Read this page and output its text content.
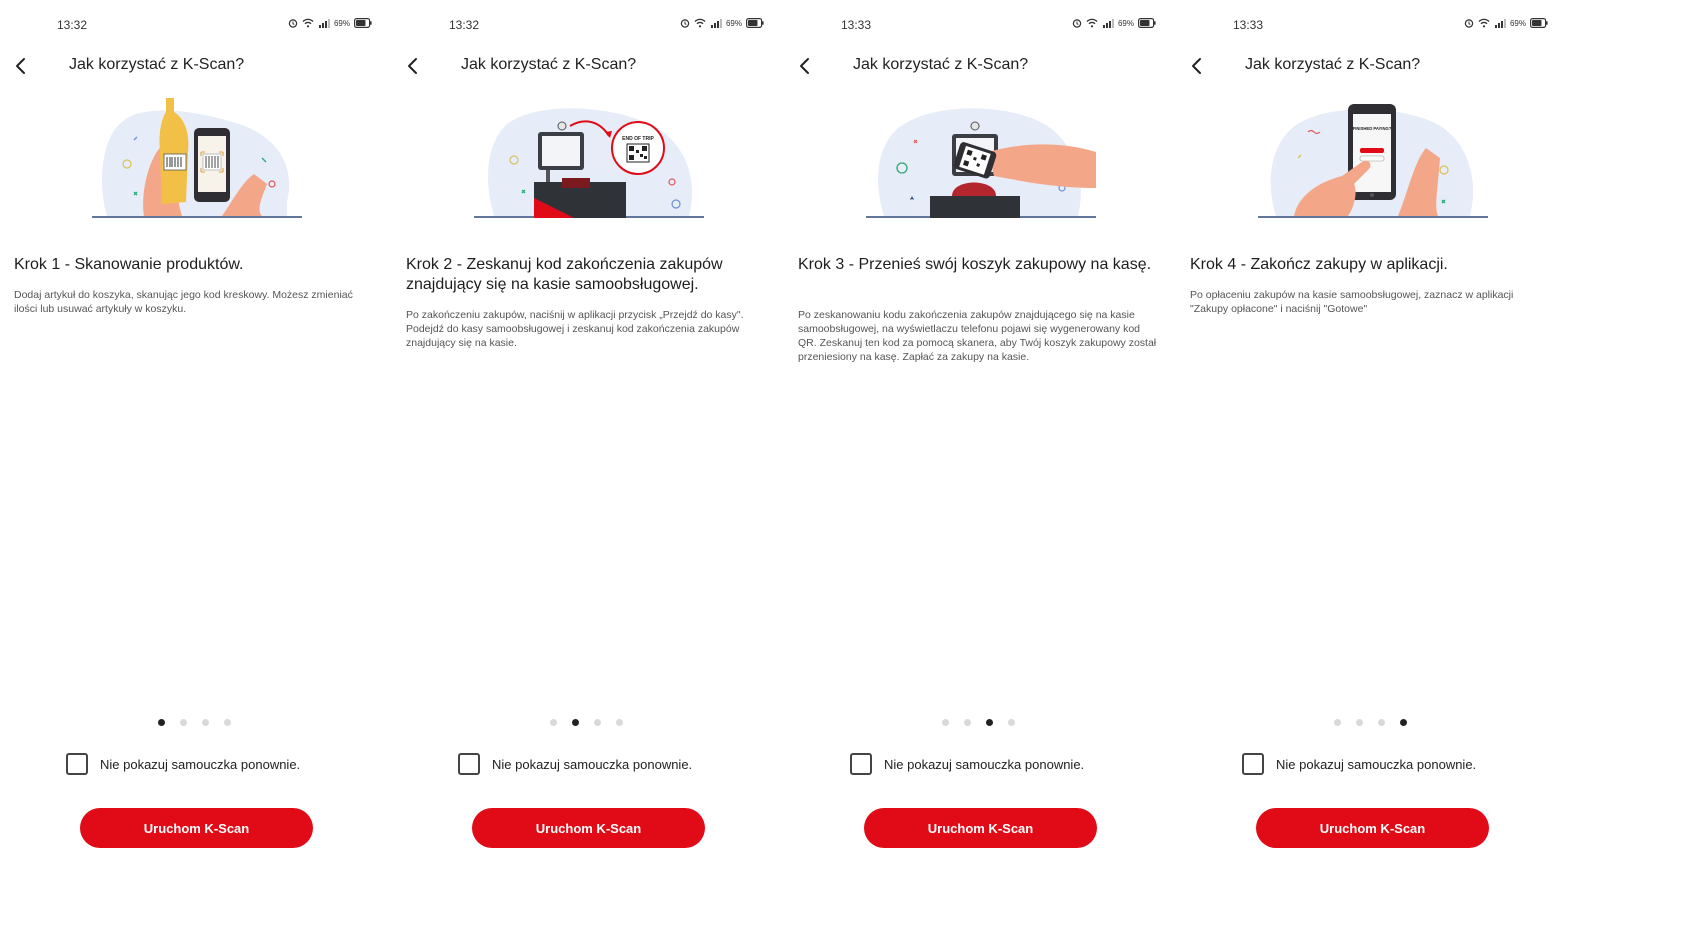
13:32	69%
Jak korzystać z K-Scan?
Krok 1 - Skanowanie produktów.
Dodaj artykuł do koszyka, skanując jego kod kreskowy. Możesz zmieniać ilości lub usuwać artykuły w koszyku.
Nie pokazuj samouczka ponownie.
Uruchom K-Scan
13:32	69%
Jak korzystać z K-Scan?
END OF TRIP
Krok 2 - Zeskanuj kod zakończenia zakupów znajdujący się na kasie samoobsługowej.
Po zakończeniu zakupów, naciśnij w aplikacji przycisk „Przejdź do kasy". Podejdź do kasy samoobsługowej i zeskanuj kod zakończenia zakupów znajdujący się na kasie.
Nie pokazuj samouczka ponownie.
Uruchom K-Scan
13:33	69%
Jak korzystać z K-Scan?
Krok 3 - Przenieś swój koszyk zakupowy na kasę.
Po zeskanowaniu kodu zakończenia zakupów znajdującego się na kasie samoobsługowej, na wyświetlaczu telefonu pojawi się wygenerowany kod QR. Zeskanuj ten kod za pomocą skanera, aby Twój koszyk zakupowy został przeniesiony na kasę. Zapłać za zakupy na kasie.
Nie pokazuj samouczka ponownie.
Uruchom K-Scan
13:33	69%
Jak korzystać z K-Scan?
FINISHED PAYING?
Krok 4 - Zakończ zakupy w aplikacji.
Po opłaceniu zakupów na kasie samoobsługowej, zaznacz w aplikacji "Zakupy opłacone" i naciśnij "Gotowe"
Nie pokazuj samouczka ponownie.
Uruchom K-Scan
